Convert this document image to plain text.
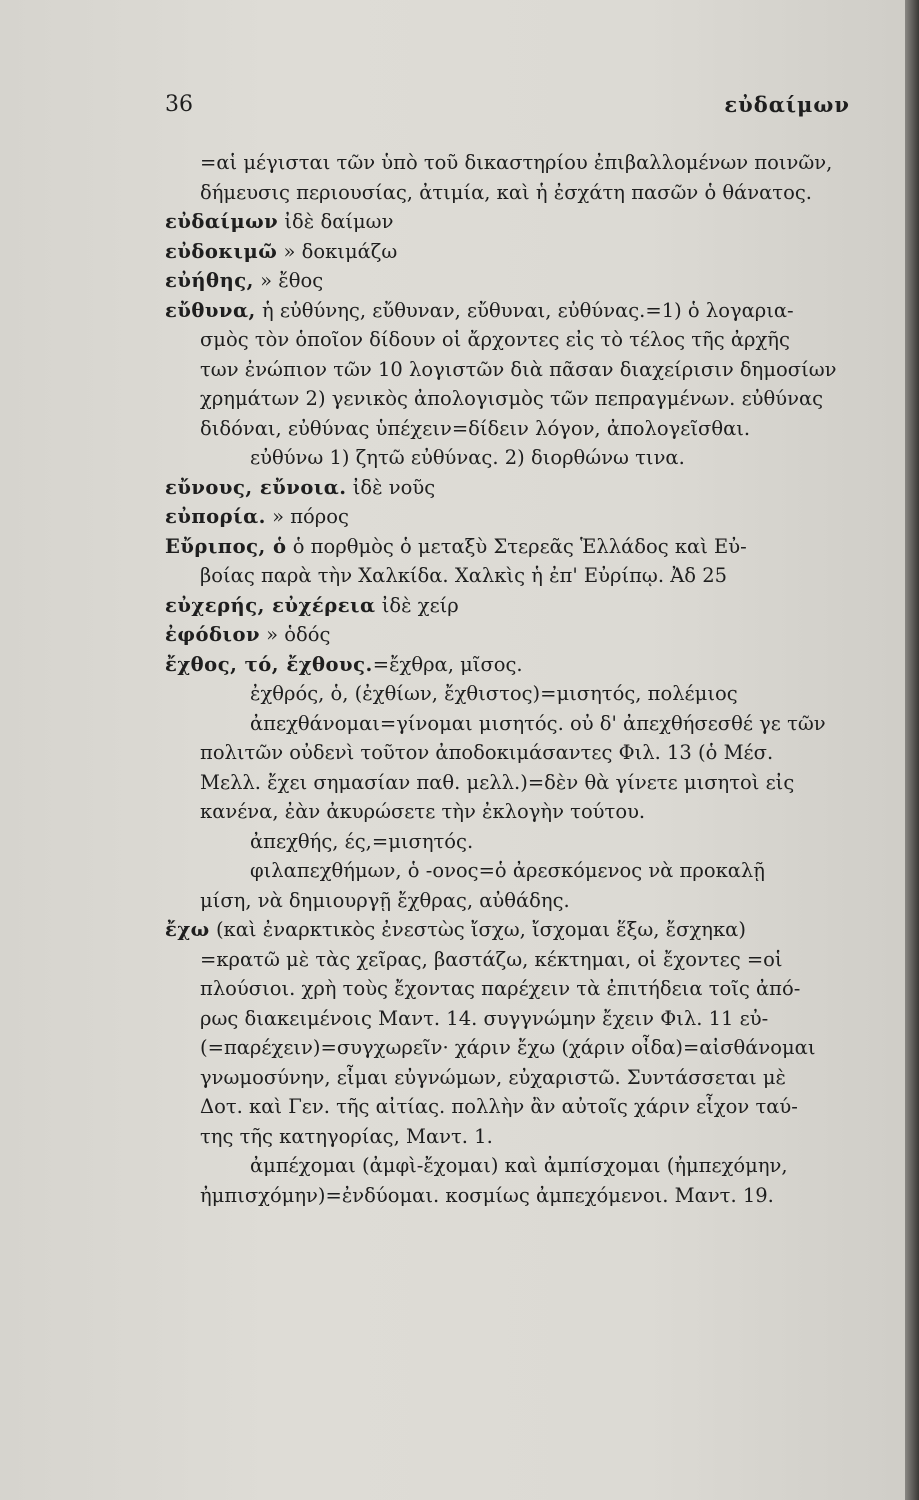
36	εὐδαίμων
=αἱ μέγισται τῶν ὑπὸ τοῦ δικαστηρίου ἐπιβαλλομένων ποινῶν,
δήμευσις περιουσίας, ἀτιμία, καὶ ἡ ἐσχάτη πασῶν ὁ θάνατος.
εὐδαίμων ἰδὲ δαίμων
εὐδοκιμῶ » δοκιμάζω
εὐήθης, » ἔθος
εὔθυνα, ἡ εὐθύνης, εὔθυναν, εὔθυναι, εὐθύνας.=1) ὁ λογαρια-
σμὸς τὸν ὁποῖον δίδουν οἱ ἄρχοντες εἰς τὸ τέλος τῆς ἀρχῆς
των ἐνώπιον τῶν 10 λογιστῶν διὰ πᾶσαν διαχείρισιν δημοσίων
χρημάτων 2) γενικὸς ἀπολογισμὸς τῶν πεπραγμένων. εὐθύνας
διδόναι, εὐθύνας ὑπέχειν=δίδειν λόγον, ἀπολογεῖσθαι.
εὐθύνω 1) ζητῶ εὐθύνας. 2) διορθώνω τινα.
εὔνους, εὔνοια. ἰδὲ νοῦς
εὐπορία. » πόρος
Εὔριπος, ὁ ὁ πορθμὸς ὁ μεταξὺ Στερεᾶς Ἑλλάδος καὶ Εὐ-
βοίας παρὰ τὴν Χαλκίδα. Χαλκὶς ἡ ἐπ' Εὐρίπῳ. Ἀδ 25
εὐχερής, εὐχέρεια ἰδὲ χείρ
ἐφόδιον » ὁδός
ἔχθος, τό, ἔχθους.=ἔχθρα, μῖσος.
ἐχθρός, ὁ, (ἐχθίων, ἔχθιστος)=μισητός, πολέμιος
ἀπεχθάνομαι=γίνομαι μισητός. οὐ δ' ἀπεχθήσεσθέ γε τῶν
πολιτῶν οὐδενὶ τοῦτον ἀποδοκιμάσαντες Φιλ. 13 (ὁ Μέσ.
Μελλ. ἔχει σημασίαν παθ. μελλ.)=δὲν θὰ γίνετε μισητοὶ εἰς
κανένα, ἐὰν ἀκυρώσετε τὴν ἐκλογὴν τούτου.
ἀπεχθής, ές,=μισητός.
φιλαπεχθήμων, ὁ -ονος=ὁ ἀρεσκόμενος νὰ προκαλῇ
μίση, νὰ δημιουργῇ ἔχθρας, αὐθάδης.
ἔχω (καὶ ἐναρκτικὸς ἐνεστὼς ἴσχω, ἴσχομαι ἕξω, ἔσχηκα)
=κρατῶ μὲ τὰς χεῖρας, βαστάζω, κέκτημαι, οἱ ἔχοντες =οἱ
πλούσιοι. χρὴ τοὺς ἔχοντας παρέχειν τὰ ἐπιτήδεια τοῖς ἀπό-
ρως διακειμένοις Μαντ. 14. συγγνώμην ἔχειν Φιλ. 11 εὐ-
(=παρέχειν)=συγχωρεῖν· χάριν ἔχω (χάριν οἶδα)=αἰσθάνομαι
γνωμοσύνην, εἶμαι εὐγνώμων, εὐχαριστῶ. Συντάσσεται μὲ
Δοτ. καὶ Γεν. τῆς αἰτίας. πολλὴν ἂν αὐτοῖς χάριν εἶχον ταύ-
της τῆς κατηγορίας, Μαντ. 1.
ἀμπέχομαι (ἀμφὶ-ἔχομαι) καὶ ἀμπίσχομαι (ἠμπεχόμην,
ἠμπισχόμην)=ἐνδύομαι. κοσμίως ἀμπεχόμενοι. Μαντ. 19.
